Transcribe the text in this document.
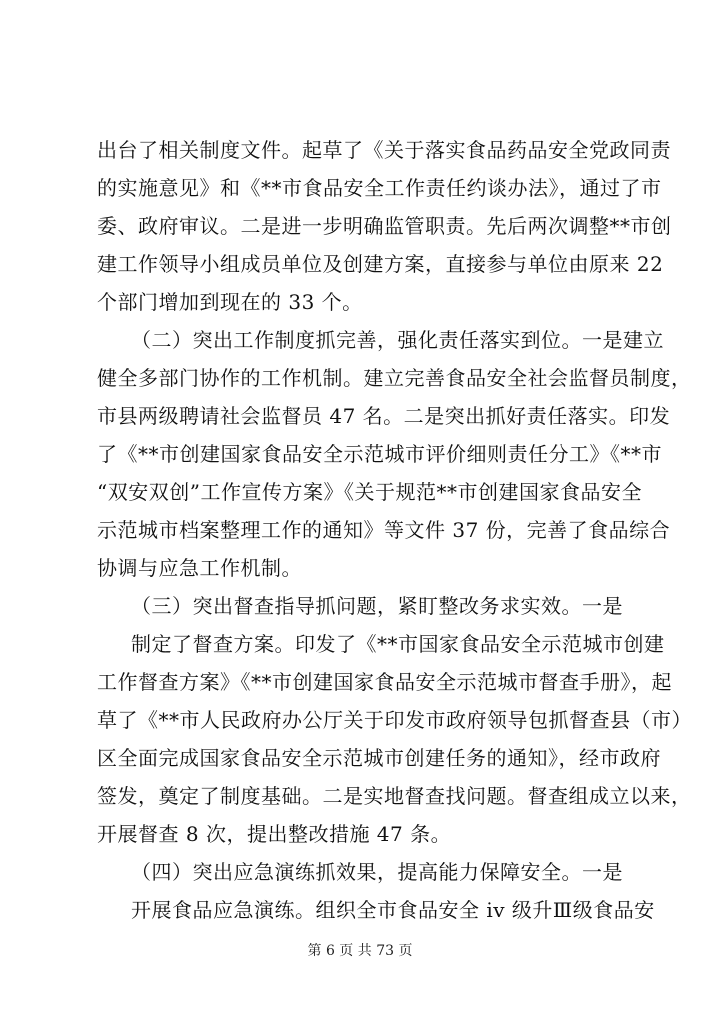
出台了相关制度文件。起草了《关于落实食品药品安全党政同责
的实施意见》和《**市食品安全工作责任约谈办法》，通过了市
委、政府审议。二是进一步明确监管职责。先后两次调整**市创
建工作领导小组成员单位及创建方案，直接参与单位由原来 22
个部门增加到现在的 33 个。
（二）突出工作制度抓完善，强化责任落实到位。一是建立
健全多部门协作的工作机制。建立完善食品安全社会监督员制度，
市县两级聘请社会监督员 47 名。二是突出抓好责任落实。印发
了《**市创建国家食品安全示范城市评价细则责任分工》《**市
“双安双创”工作宣传方案》《关于规范**市创建国家食品安全
示范城市档案整理工作的通知》等文件 37 份，完善了食品综合
协调与应急工作机制。
（三）突出督查指导抓问题，紧盯整改务求实效。一是
制定了督查方案。印发了《**市国家食品安全示范城市创建
工作督查方案》《**市创建国家食品安全示范城市督查手册》，起
草了《**市人民政府办公厅关于印发市政府领导包抓督查县（市）
区全面完成国家食品安全示范城市创建任务的通知》，经市政府
签发，奠定了制度基础。二是实地督查找问题。督查组成立以来，
开展督查 8 次，提出整改措施 47 条。
（四）突出应急演练抓效果，提高能力保障安全。一是
开展食品应急演练。组织全市食品安全 iv 级升Ⅲ级食品安
第 6 页 共 73 页
